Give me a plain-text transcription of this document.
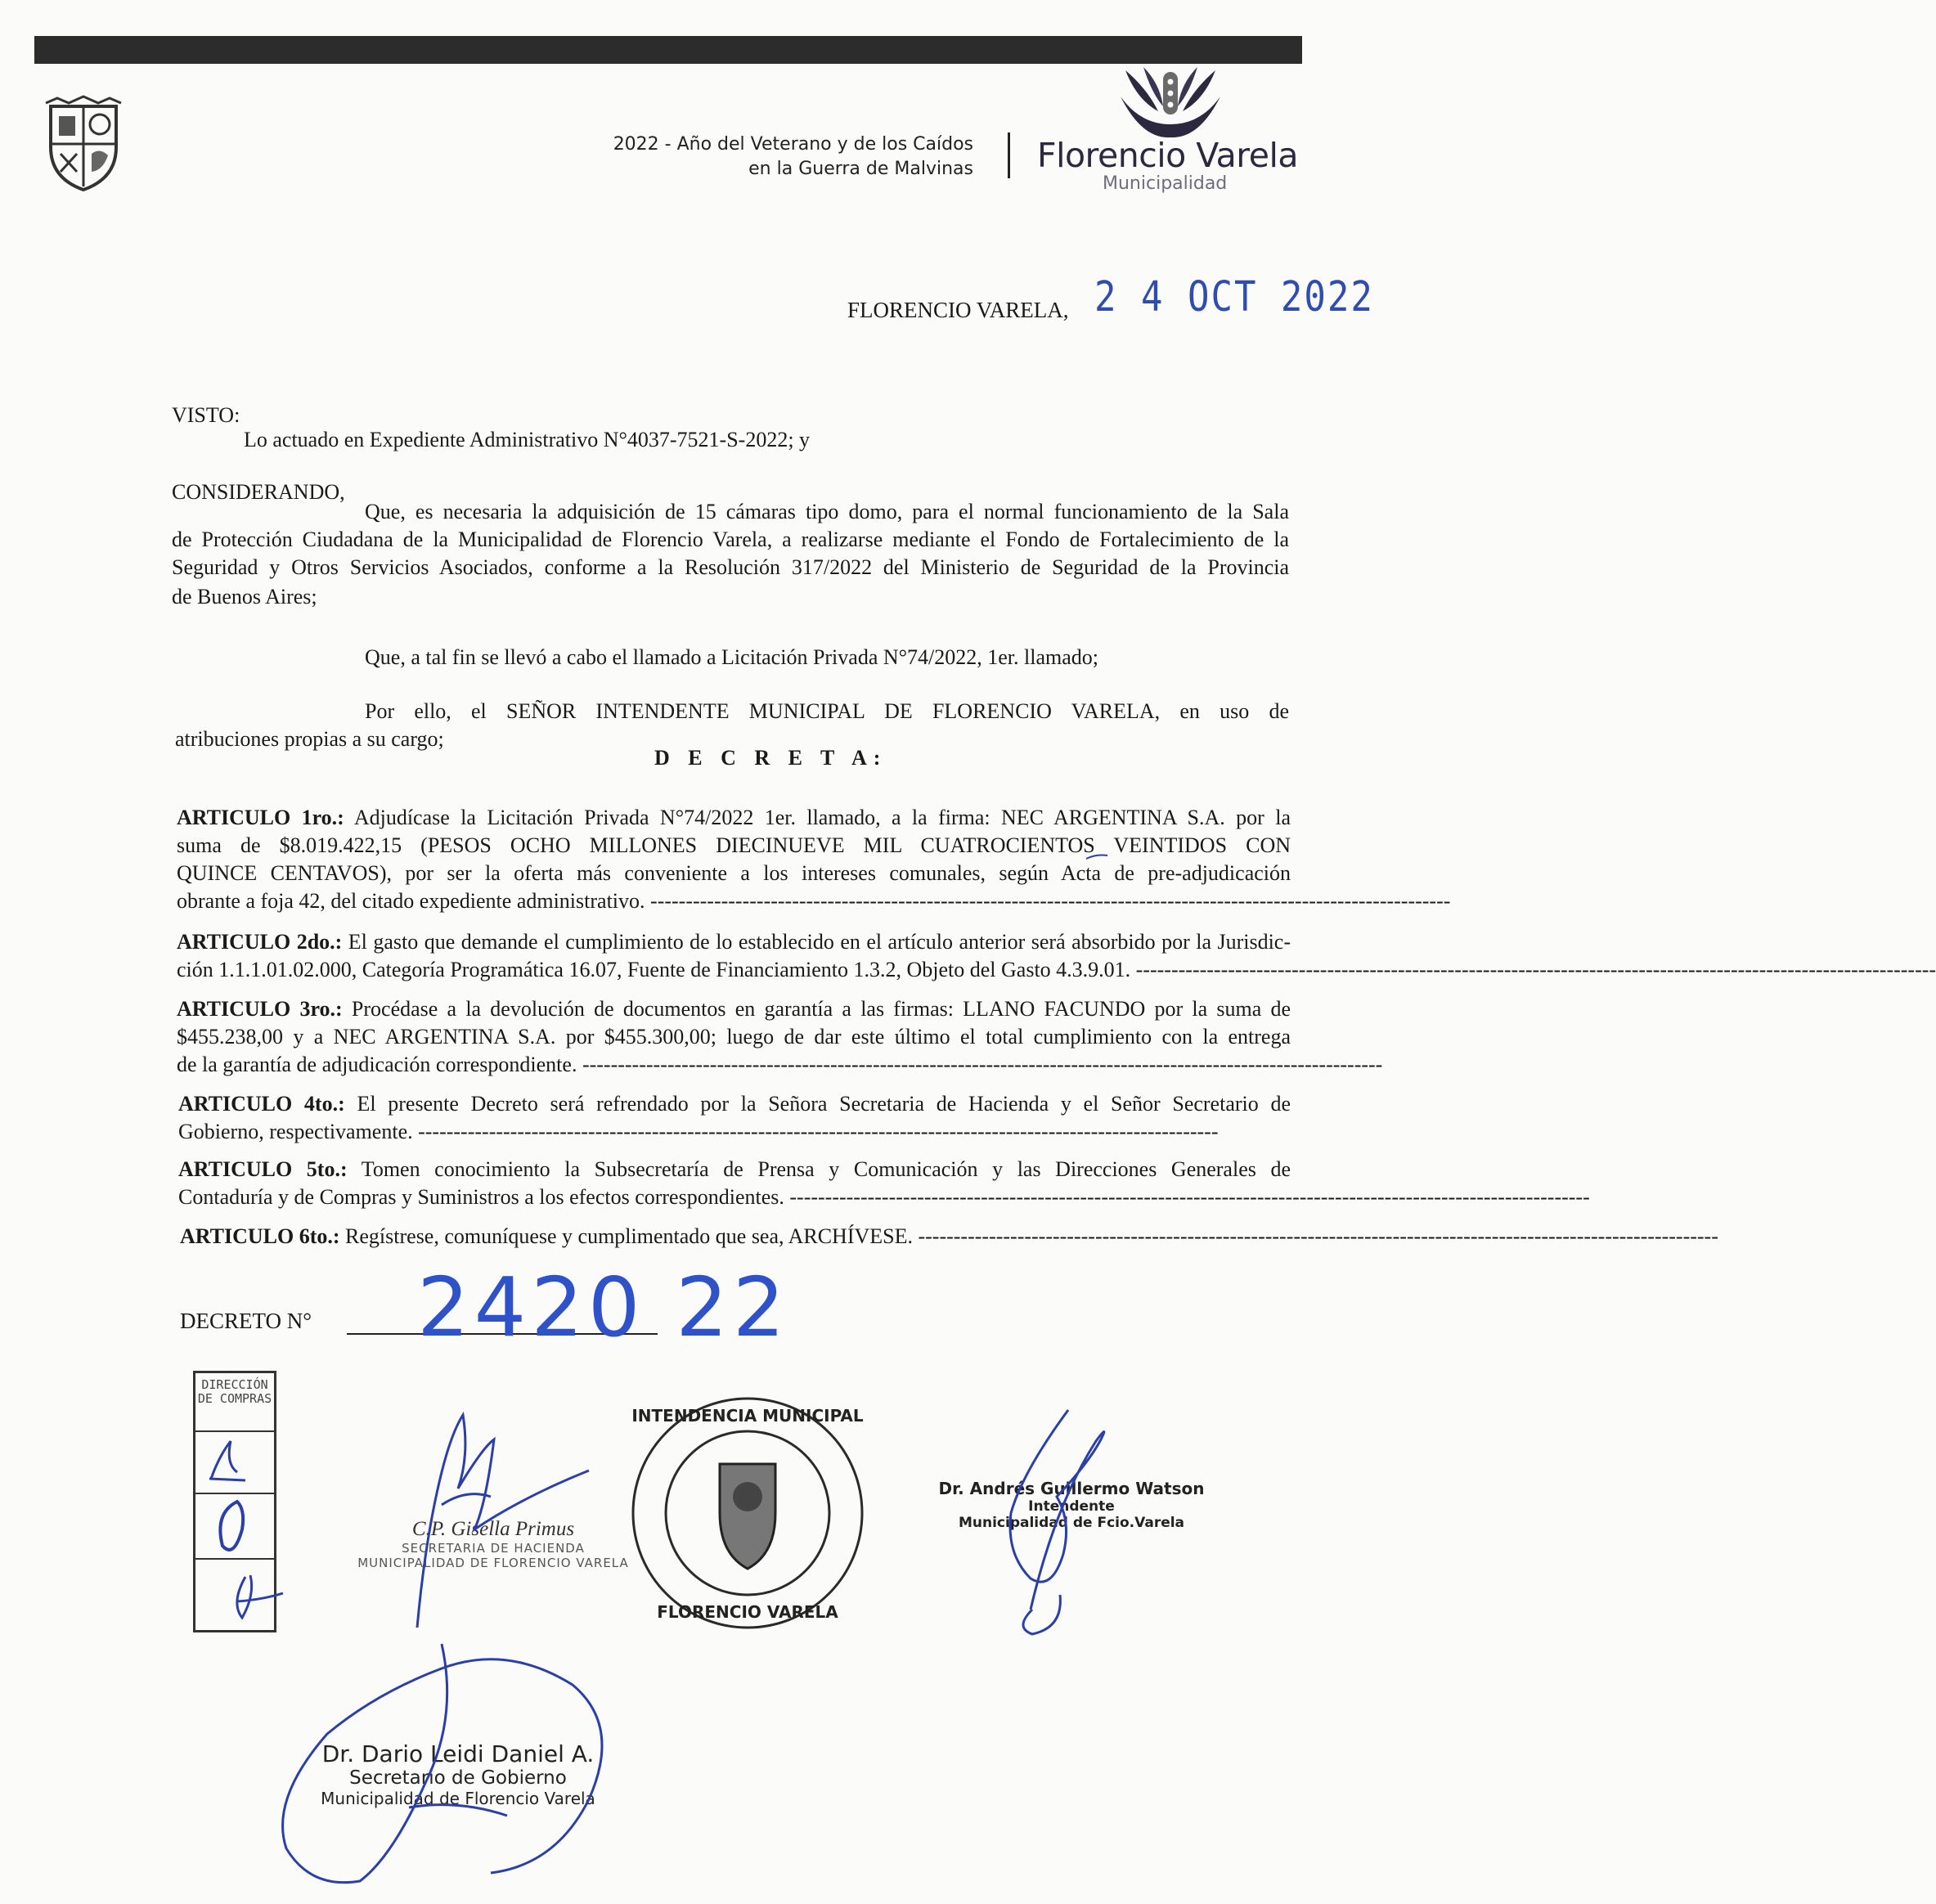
2022 - Año del Veterano y de los Caídos
en la Guerra de Malvinas Florencio Varela
Municipalidad
FLORENCIO VARELA, 2 4 OCT 2022
VISTO:
Lo actuado en Expediente Administrativo N°4037-7521-S-2022; y
CONSIDERANDO,
Que, es necesaria la adquisición de 15 cámaras tipo domo, para el normal funcionamiento de la Sala
de Protección Ciudadana de la Municipalidad de Florencio Varela, a realizarse mediante el Fondo de Fortalecimiento de la
Seguridad y Otros Servicios Asociados, conforme a la Resolución 317/2022 del Ministerio de Seguridad de la Provincia
de Buenos Aires;
Que, a tal fin se llevó a cabo el llamado a Licitación Privada N°74/2022, 1er. llamado;
Por ello, el SEÑOR INTENDENTE MUNICIPAL DE FLORENCIO VARELA, en uso de
atribuciones propias a su cargo;
D E C R E T A:
ARTICULO 1ro.: Adjudícase la Licitación Privada N°74/2022 1er. llamado, a la firma: NEC ARGENTINA S.A. por la
suma de $8.019.422,15 (PESOS OCHO MILLONES DIECINUEVE MIL CUATROCIENTOS VEINTIDOS CON
QUINCE CENTAVOS), por ser la oferta más conveniente a los intereses comunales, según Acta de pre-adjudicación
obrante a foja 42, del citado expediente administrativo. -----------------------------------------------------------------------------------------------------------------
ARTICULO 2do.: El gasto que demande el cumplimiento de lo establecido en el artículo anterior será absorbido por la Jurisdic-
ción 1.1.1.01.02.000, Categoría Programática 16.07, Fuente de Financiamiento 1.3.2, Objeto del Gasto 4.3.9.01. -----------------------------------------------------------------------------------------------------------------
ARTICULO 3ro.: Procédase a la devolución de documentos en garantía a las firmas: LLANO FACUNDO por la suma de
$455.238,00 y a NEC ARGENTINA S.A. por $455.300,00; luego de dar este último el total cumplimiento con la entrega
de la garantía de adjudicación correspondiente. -----------------------------------------------------------------------------------------------------------------
ARTICULO 4to.: El presente Decreto será refrendado por la Señora Secretaria de Hacienda y el Señor Secretario de
Gobierno, respectivamente. -----------------------------------------------------------------------------------------------------------------
ARTICULO 5to.: Tomen conocimiento la Subsecretaría de Prensa y Comunicación y las Direcciones Generales de
Contaduría y de Compras y Suministros a los efectos correspondientes. -----------------------------------------------------------------------------------------------------------------
ARTICULO 6to.: Regístrese, comuníquese y cumplimentado que sea, ARCHÍVESE. -----------------------------------------------------------------------------------------------------------------
DECRETO N° 2420 22
DIRECCIÓN DE COMPRAS
C.P. Gisella Primus
SECRETARIA DE HACIENDA
MUNICIPALIDAD DE FLORENCIO VARELA
Dr. Andrés Guillermo Watson
Intendente
Municipalidad de Fcio.Varela
Dr. Dario Leidi Daniel A.
Secretario de Gobierno
Municipalidad de Florencio Varela
INTENDENCIA MUNICIPAL
FLORENCIO VARELA
